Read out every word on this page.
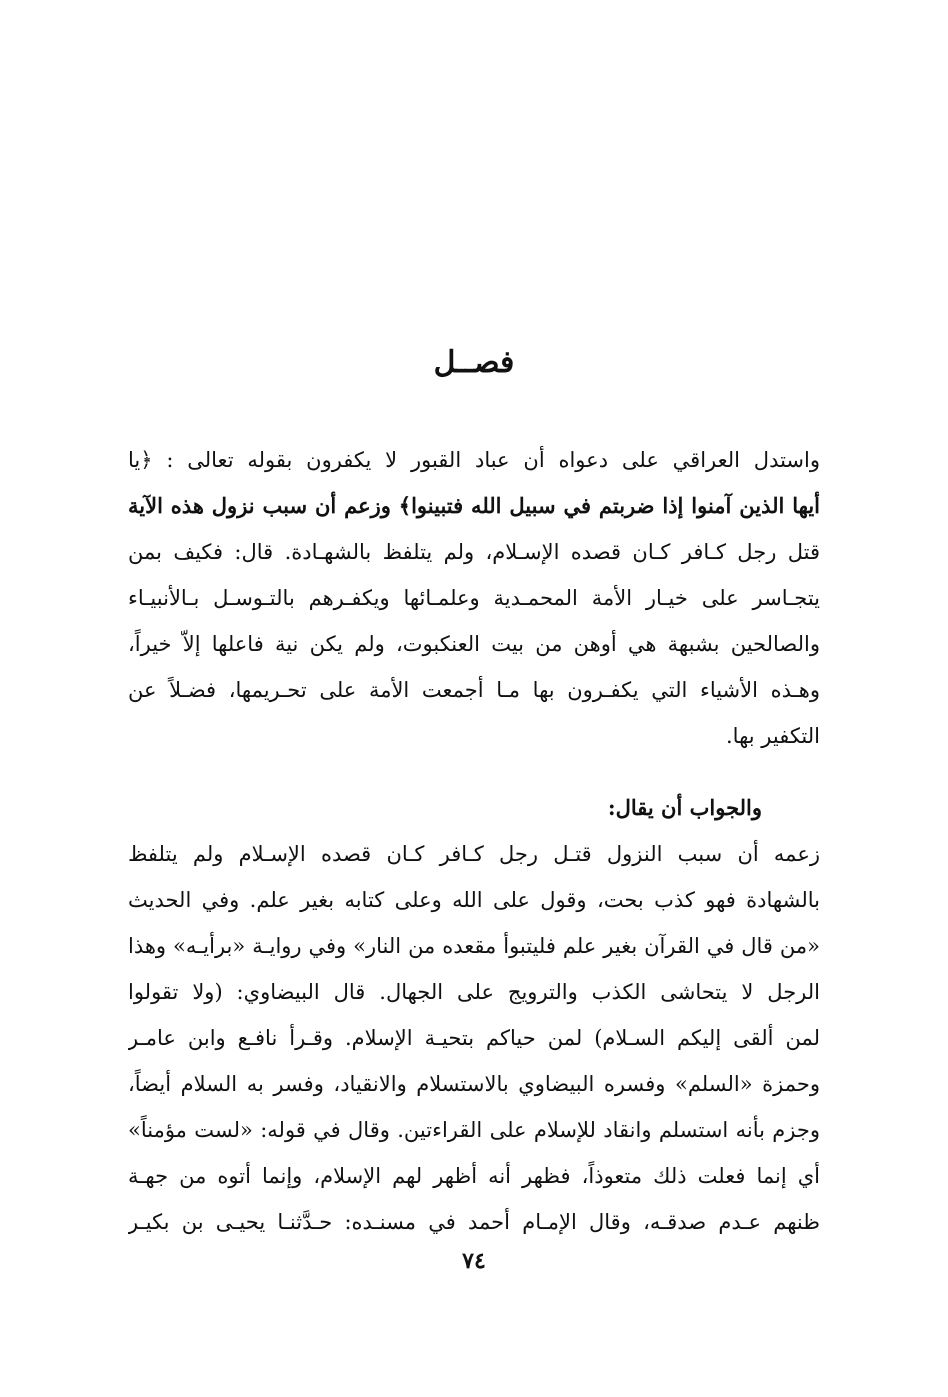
فصــل
واستدل العراقي على دعواه أن عباد القبور لا يكفرون بقوله تعالى : ﴿يا
أيها الذين آمنوا إذا ضربتم في سبيل الله فتبينوا﴾ وزعم أن سبب نزول هذه الآية
قتل رجل كـافر كـان قصده الإسـلام، ولم يتلفظ بالشهـادة. قال: فكيف بمن
يتجـاسر على خيـار الأمة المحمـدية وعلمـائها ويكفـرهم بالتـوسـل بـالأنبيـاء
والصالحين بشبهة هي أوهن من بيت العنكبوت، ولم يكن نية فاعلها إلاّ خيراً،
وهـذه الأشياء التي يكفـرون بها مـا أجمعت الأمة على تحـريمها، فضـلاً عن
التكفير بها.
والجواب أن يقال:
زعمه أن سبب النزول قتـل رجل كـافر كـان قصده الإسـلام ولم يتلفظ
بالشهادة فهو كذب بحت، وقول على الله وعلى كتابه بغير علم. وفي الحديث
«من قال في القرآن بغير علم فليتبوأ مقعده من النار» وفي روايـة «برأيـه» وهذا
الرجل لا يتحاشى الكذب والترويج على الجهال. قال البيضاوي: (ولا تقولوا
لمن ألقى إليكم السـلام) لمن حياكم بتحيـة الإسلام. وقـرأ نافـع وابن عامـر
وحمزة «السلم» وفسره البيضاوي بالاستسلام والانقياد، وفسر به السلام أيضاً،
وجزم بأنه استسلم وانقاد للإسلام على القراءتين. وقال في قوله: «لست مؤمناً»
أي إنما فعلت ذلك متعوذاً، فظهر أنه أظهر لهم الإسلام، وإنما أتوه من جهـة
ظنهم عـدم صدقـه، وقال الإمـام أحمد في مسنـده: حـدَّثنـا يحيـى بن بكيـر
٧٤
